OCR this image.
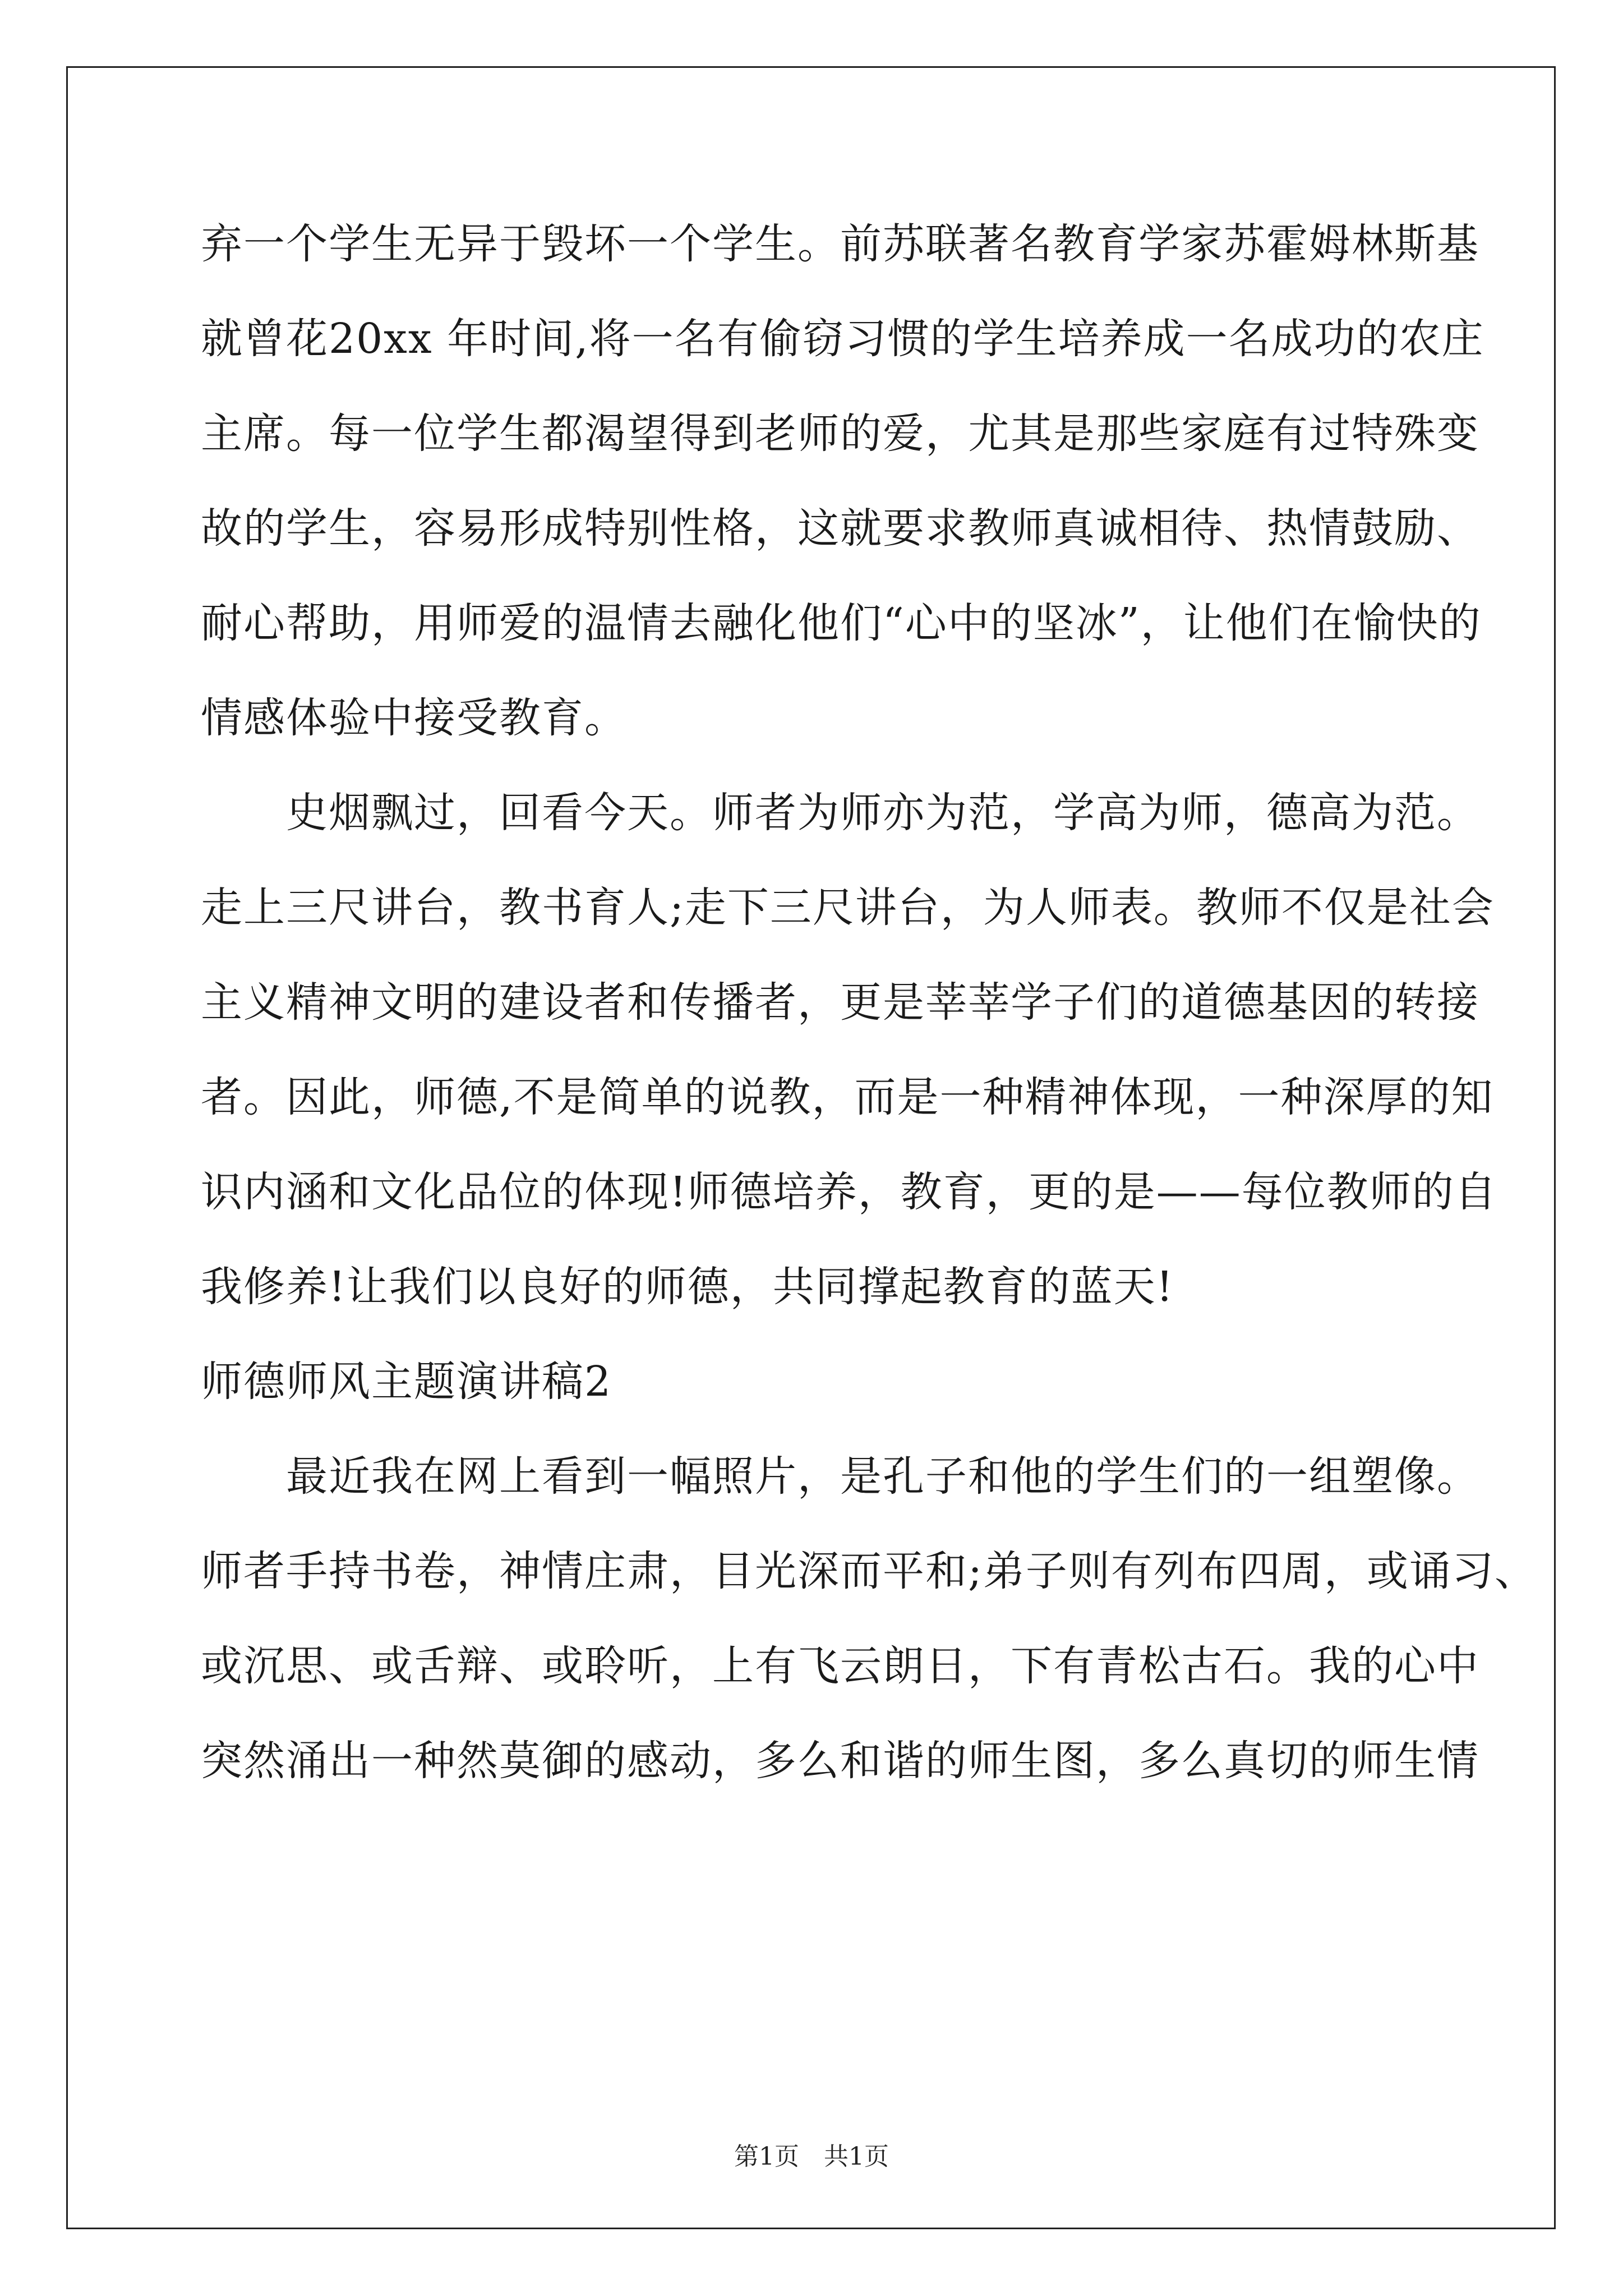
弃一个学生无异于毁坏一个学生。前苏联著名教育学家苏霍姆林斯基
就曾花20xx 年时间,将一名有偷窃习惯的学生培养成一名成功的农庄
主席。每一位学生都渴望得到老师的爱，尤其是那些家庭有过特殊变
故的学生，容易形成特别性格，这就要求教师真诚相待、热情鼓励、
耐心帮助，用师爱的温情去融化他们“心中的坚冰”，让他们在愉快的
情感体验中接受教育。
　　史烟飘过，回看今天。师者为师亦为范，学高为师，德高为范。
走上三尺讲台，教书育人;走下三尺讲台，为人师表。教师不仅是社会
主义精神文明的建设者和传播者，更是莘莘学子们的道德基因的转接
者。因此，师德,不是简单的说教，而是一种精神体现，一种深厚的知
识内涵和文化品位的体现!师德培养，教育，更的是——每位教师的自
我修养!让我们以良好的师德，共同撑起教育的蓝天!
师德师风主题演讲稿2
　　最近我在网上看到一幅照片，是孔子和他的学生们的一组塑像。
师者手持书卷，神情庄肃，目光深而平和;弟子则有列布四周，或诵习、
或沉思、或舌辩、或聆听，上有飞云朗日，下有青松古石。我的心中
突然涌出一种然莫御的感动，多么和谐的师生图，多么真切的师生情
第1页　共1页
